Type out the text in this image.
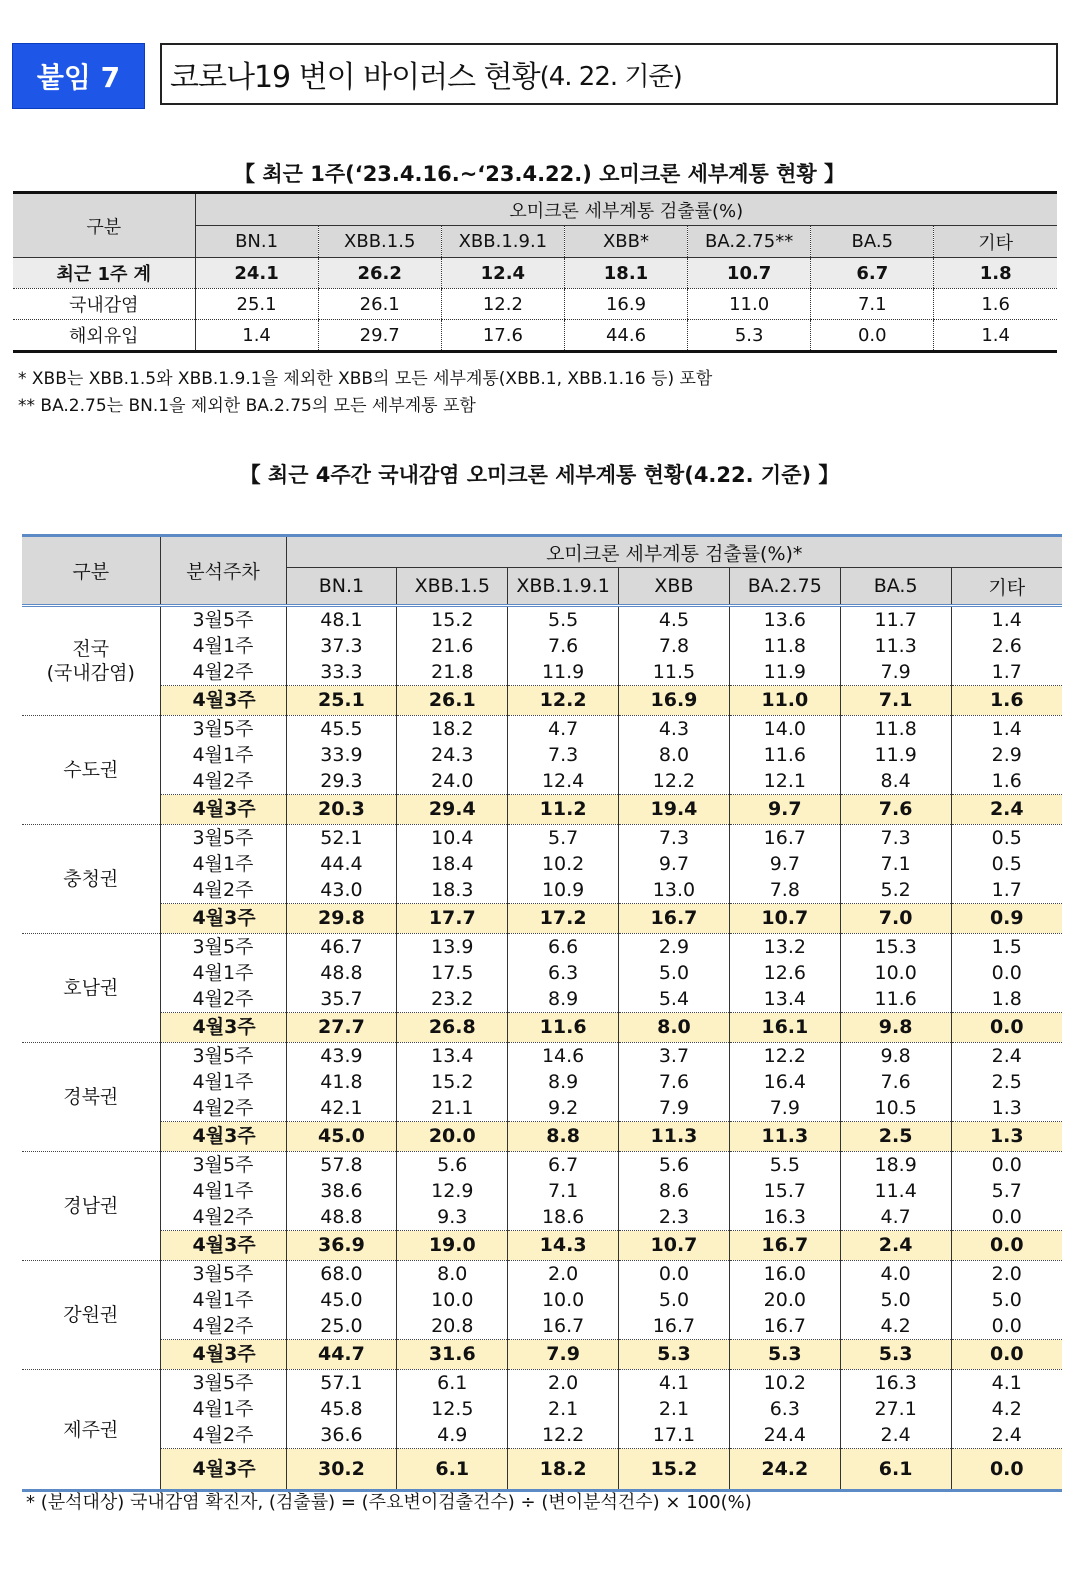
붙임 7	코로나19 변이 바이러스 현황 (4. 22. 기준)
【 최근 1주(‘23.4.16.~‘23.4.22.) 오미크론 세부계통 현황 】
구분	오미크론 세부계통 검출률(%)						
	BN.1	XBB.1.5	XBB.1.9.1	XBB*	BA.2.75**	BA.5	기타
최근 1주 계	24.1	26.2	12.4	18.1	10.7	6.7	1.8
국내감염	25.1	26.1	12.2	16.9	11.0	7.1	1.6
해외유입	1.4	29.7	17.6	44.6	5.3	0.0	1.4
* XBB는 XBB.1.5와 XBB.1.9.1을 제외한 XBB의 모든 세부계통(XBB.1, XBB.1.16 등) 포함
** BA.2.75는 BN.1을 제외한 BA.2.75의 모든 세부계통 포함
【 최근 4주간 국내감염 오미크론 세부계통 현황(4.22. 기준) 】
구분	분석주차	오미크론 세부계통 검출률(%)*						
		BN.1	XBB.1.5	XBB.1.9.1	XBB	BA.2.75	BA.5	기타
전국
(국내감염)	3월5주	48.1	15.2	5.5	4.5	13.6	11.7	1.4
	4월1주	37.3	21.6	7.6	7.8	11.8	11.3	2.6
	4월2주	33.3	21.8	11.9	11.5	11.9	7.9	1.7
	4월3주	25.1	26.1	12.2	16.9	11.0	7.1	1.6
수도권	3월5주	45.5	18.2	4.7	4.3	14.0	11.8	1.4
	4월1주	33.9	24.3	7.3	8.0	11.6	11.9	2.9
	4월2주	29.3	24.0	12.4	12.2	12.1	8.4	1.6
	4월3주	20.3	29.4	11.2	19.4	9.7	7.6	2.4
충청권	3월5주	52.1	10.4	5.7	7.3	16.7	7.3	0.5
	4월1주	44.4	18.4	10.2	9.7	9.7	7.1	0.5
	4월2주	43.0	18.3	10.9	13.0	7.8	5.2	1.7
	4월3주	29.8	17.7	17.2	16.7	10.7	7.0	0.9
호남권	3월5주	46.7	13.9	6.6	2.9	13.2	15.3	1.5
	4월1주	48.8	17.5	6.3	5.0	12.6	10.0	0.0
	4월2주	35.7	23.2	8.9	5.4	13.4	11.6	1.8
	4월3주	27.7	26.8	11.6	8.0	16.1	9.8	0.0
경북권	3월5주	43.9	13.4	14.6	3.7	12.2	9.8	2.4
	4월1주	41.8	15.2	8.9	7.6	16.4	7.6	2.5
	4월2주	42.1	21.1	9.2	7.9	7.9	10.5	1.3
	4월3주	45.0	20.0	8.8	11.3	11.3	2.5	1.3
경남권	3월5주	57.8	5.6	6.7	5.6	5.5	18.9	0.0
	4월1주	38.6	12.9	7.1	8.6	15.7	11.4	5.7
	4월2주	48.8	9.3	18.6	2.3	16.3	4.7	0.0
	4월3주	36.9	19.0	14.3	10.7	16.7	2.4	0.0
강원권	3월5주	68.0	8.0	2.0	0.0	16.0	4.0	2.0
	4월1주	45.0	10.0	10.0	5.0	20.0	5.0	5.0
	4월2주	25.0	20.8	16.7	16.7	16.7	4.2	0.0
	4월3주	44.7	31.6	7.9	5.3	5.3	5.3	0.0
제주권	3월5주	57.1	6.1	2.0	4.1	10.2	16.3	4.1
	4월1주	45.8	12.5	2.1	2.1	6.3	27.1	4.2
	4월2주	36.6	4.9	12.2	17.1	24.4	2.4	2.4
	4월3주	30.2	6.1	18.2	15.2	24.2	6.1	0.0
* (분석대상) 국내감염 확진자, (검출률) = (주요변이검출건수) ÷ (변이분석건수) × 100(%)
